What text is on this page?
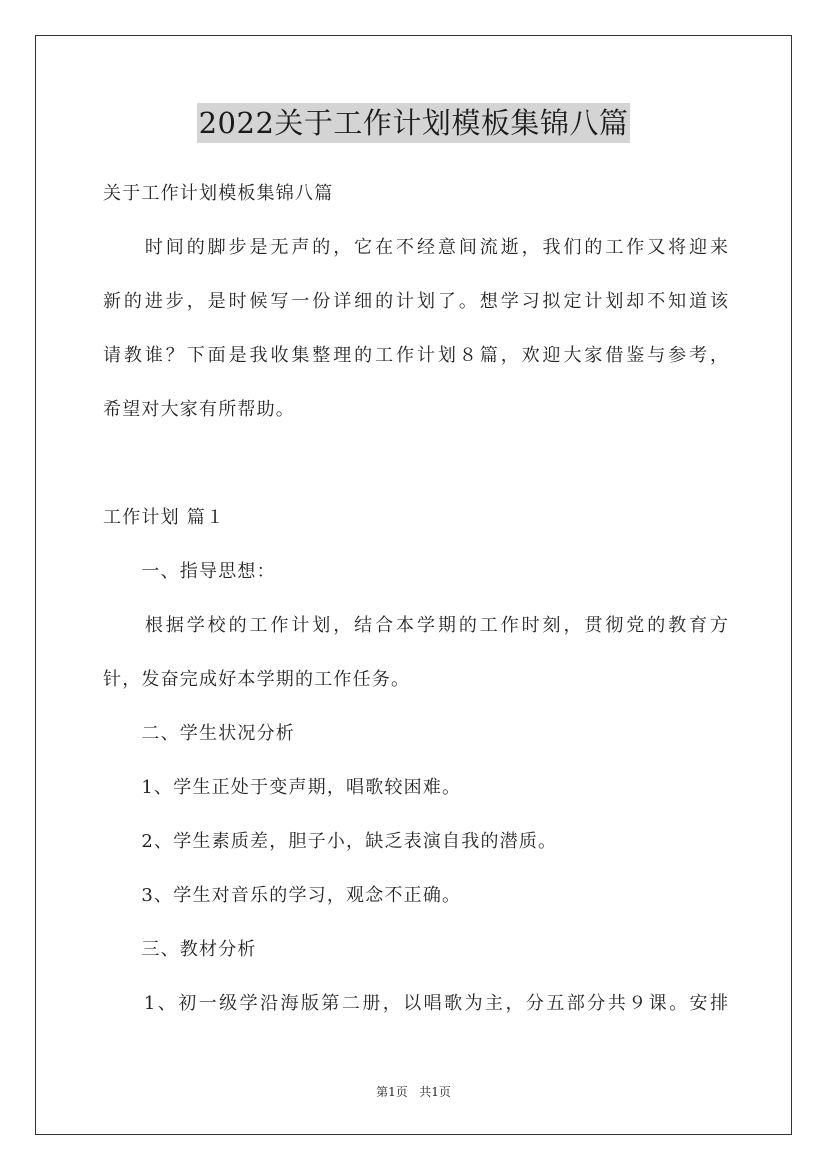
2022关于工作计划模板集锦八篇
关于工作计划模板集锦八篇
　　时间的脚步是无声的，它在不经意间流逝，我们的工作又将迎来
新的进步，是时候写一份详细的计划了。想学习拟定计划却不知道该
请教谁？下面是我收集整理的工作计划８篇，欢迎大家借鉴与参考，
希望对大家有所帮助。
工作计划 篇１
　　一、指导思想：
　　根据学校的工作计划，结合本学期的工作时刻，贯彻党的教育方
针，发奋完成好本学期的工作任务。
　　二、学生状况分析
　　1、学生正处于变声期，唱歌较困难。
　　2、学生素质差，胆子小，缺乏表演自我的潜质。
　　3、学生对音乐的学习，观念不正确。
　　三、教材分析
　　1、初一级学沿海版第二册，以唱歌为主，分五部分共９课。安排
第1页 共1页
